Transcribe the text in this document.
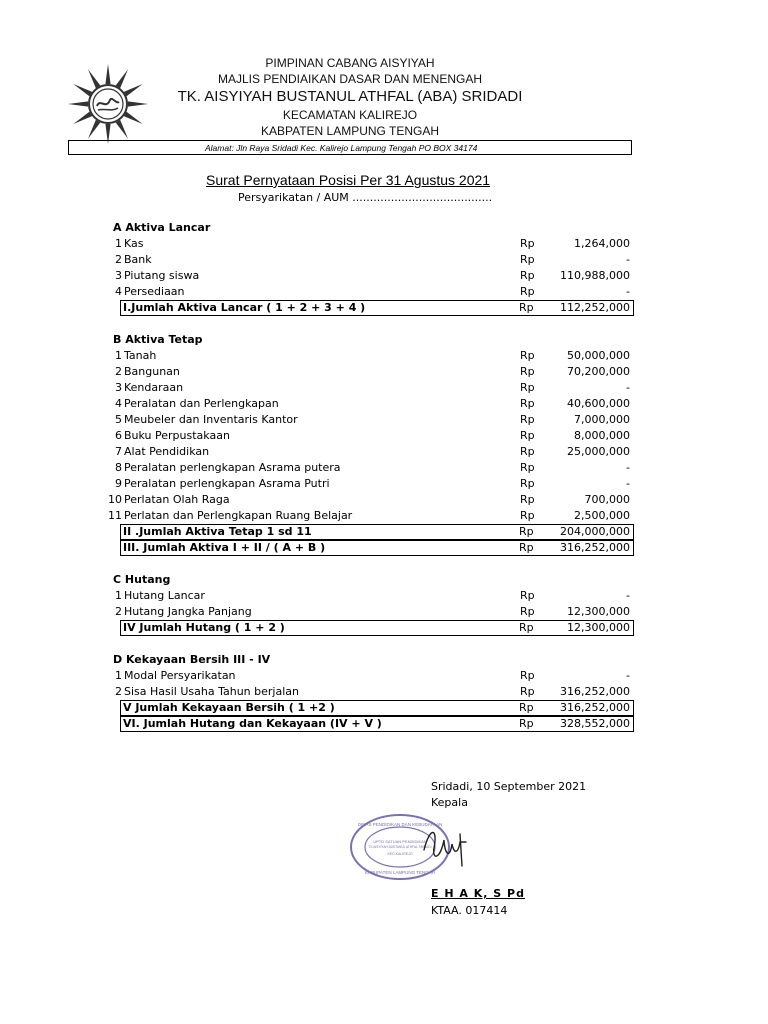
PIMPINAN CABANG AISYIYAH
MAJLIS PENDIAIKAN DASAR DAN MENENGAH
TK. AISYIYAH BUSTANUL ATHFAL (ABA) SRIDADI
KECAMATAN KALIREJO
KABPATEN LAMPUNG TENGAH
Alamat: Jln Raya Sridadi Kec. Kalirejo Lampung Tengah PO BOX 34174
Surat Pernyataan Posisi Per 31 Agustus 2021
Persyarikatan / AUM ........................................
A Aktiva Lancar
1 Kas	Rp	1,264,000
2 Bank	Rp	-
3 Piutang siswa	Rp 110,988,000
4 Persediaan	Rp	-
I.Jumlah Aktiva Lancar ( 1 + 2 + 3 + 4 )	Rp 112,252,000
B Aktiva Tetap
1 Tanah	Rp	50,000,000
2 Bangunan	Rp	70,200,000
3 Kendaraan	Rp	-
4 Peralatan dan Perlengkapan	Rp	40,600,000
5 Meubeler dan Inventaris Kantor	Rp	7,000,000
6 Buku Perpustakaan	Rp	8,000,000
7 Alat Pendidikan	Rp	25,000,000
8 Peralatan perlengkapan Asrama putera	Rp	-
9 Peralatan perlengkapan Asrama Putri	Rp	-
10 Perlatan Olah Raga	Rp	700,000
11 Perlatan dan Perlengkapan Ruang Belajar	Rp	2,500,000
II .Jumlah Aktiva Tetap 1 sd 11	Rp 204,000,000
III. Jumlah Aktiva I + II / ( A + B )	Rp 316,252,000
C Hutang
1 Hutang Lancar	Rp	-
2 Hutang Jangka Panjang	Rp	12,300,000
IV Jumlah Hutang ( 1 + 2 )	Rp	12,300,000
D Kekayaan Bersih III - IV
1 Modal Persyarikatan	Rp	-
2 Sisa Hasil Usaha Tahun berjalan	Rp 316,252,000
V Jumlah Kekayaan Bersih ( 1 +2 )	Rp 316,252,000
VI. Jumlah Hutang dan Kekayaan (IV + V )	Rp 328,552,000
Sridadi, 10 September 2021
Kepala
DINAS PENDIDIKAN DAN KEBUDAYAAN
UPTD SATUAN PENDIDIKAN
TK AISYIYAH BUSTANUL ATHFAL SRIDADI
KEC.KALIREJO
KABUPATEN LAMPUNG TENGAH
E H A K, S Pd
KTAA. 017414
